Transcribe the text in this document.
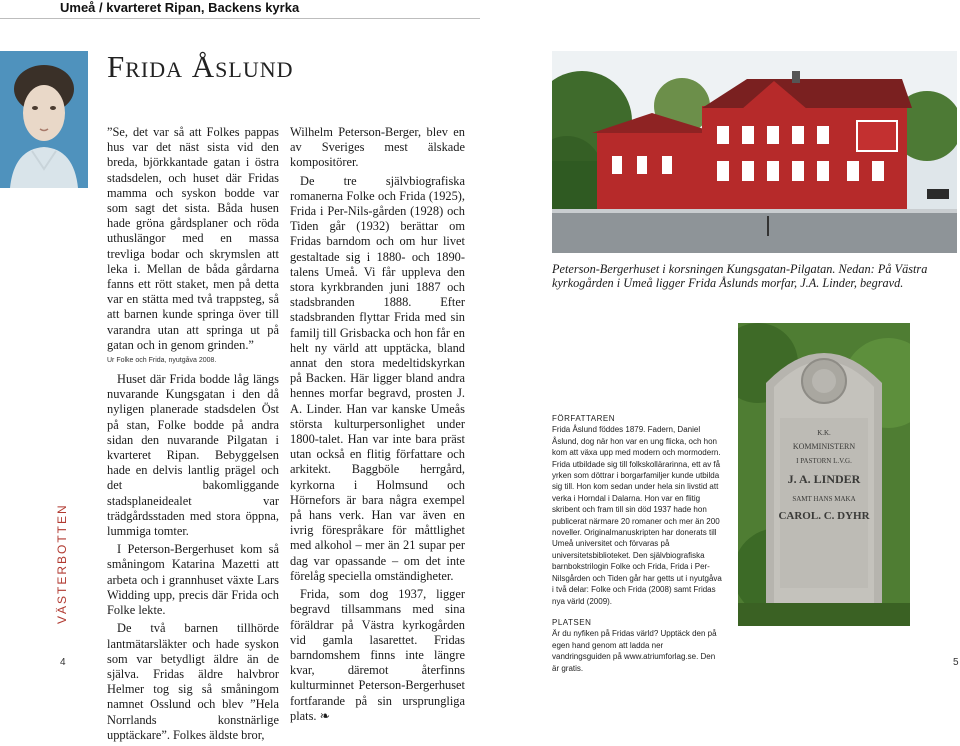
Umeå / kvarteret Ripan, Backens kyrka
Frida Åslund
VÄSTERBOTTEN

”Se, det var så att Folkes pappas hus var det näst sista vid den breda, björkkantade gatan i östra stadsdelen, och huset där Fridas mamma och syskon bodde var som sagt det sista. Båda husen hade gröna gårdsplaner och röda uthuslängor med en massa trevliga bodar och skrymslen att leka i. Mellan de båda gårdarna fanns ett rött staket, men på detta var en stätta med två trappsteg, så att barnen kunde springa över till varandra utan att springa ut på gatan och in genom grinden.”

Ur Folke och Frida, nyutgåva 2008.

Huset där Frida bodde låg längs nuvarande Kungsgatan i den då nyligen planerade stadsdelen Öst på stan, Folke bodde på andra sidan den nuvarande Pilgatan i kvarteret Ripan. Bebyggelsen hade en delvis lantlig prägel och det bakomliggande stadsplaneidealet var trädgårdsstaden med stora öppna, lummiga tomter.

I Peterson-Bergerhuset kom så småningom Katarina Mazetti att arbeta och i grannhuset växte Lars Widding upp, precis där Frida och Folke lekte.

De två barnen tillhörde lantmätarsläkter och hade syskon som var betydligt äldre än de själva. Fridas äldre halvbror Helmer tog sig så småningom namnet Osslund och blev ”Hela Norrlands konstnärlige upptäckare”. Folkes äldste bror,

Wilhelm Peterson-Berger, blev en av Sveriges mest älskade kompositörer.

De tre självbiografiska romanerna Folke och Frida (1925), Frida i Per-Nils-gården (1928) och Tiden går (1932) berättar om Fridas barndom och om hur livet gestaltade sig i 1880- och 1890-talens Umeå. Vi får uppleva den stora kyrkbranden juni 1887 och stadsbranden 1888. Efter stadsbranden flyttar Frida med sin familj till Grisbacka och hon får en helt ny värld att upptäcka, bland annat den stora medeltidskyrkan på Backen. Här ligger bland andra hennes morfar begravd, prosten J. A. Linder. Han var kanske Umeås största kulturpersonlighet under 1800-talet. Han var inte bara präst utan också en flitig författare och arkitekt. Baggböle herrgård, kyrkorna i Holmsund och Hörnefors är bara några exempel på hans verk. Han var även en ivrig förespråkare för måttlighet med alkohol – mer än 21 supar per dag var opassande – om det inte förelåg speciella omständigheter.

Frida, som dog 1937, ligger begravd tillsammans med sina föräldrar på Västra kyrkogården vid gamla lasarettet. Fridas barndomshem finns inte längre kvar, däremot återfinns kulturminnet Peterson-Bergerhuset fortfarande på sin ursprungliga plats. ❧

Peterson-Bergerhuset i korsningen Kungsgatan-Pilgatan. Nedan: På Västra kyrkogården i Umeå ligger Frida Åslunds morfar, J.A. Linder, begravd.

FÖRFATTAREN

Frida Åslund föddes 1879. Fadern, Daniel Åslund, dog när hon var en ung flicka, och hon kom att växa upp med modern och mormodern. Frida utbildade sig till folkskollärarinna, ett av få yrken som döttrar i borgarfamiljer kunde utbilda sig till. Hon kom sedan under hela sin livstid att verka i Horndal i Dalarna. Hon var en flitig skribent och fram till sin död 1937 hade hon publicerat närmare 20 romaner och mer än 200 noveller. Originalmanuskripten har donerats till Umeå universitet och förvaras på universitetsbiblioteket. Den självbiografiska barnbokstrilogin Folke och Frida, Frida i Per-Nilsgården och Tiden går har getts ut i nyutgåva i två delar: Folke och Frida (2008) samt Fridas nya värld (2009).

PLATSEN

Är du nyfiken på Fridas värld? Upptäck den på egen hand genom att ladda ner vandringsguiden på www.atriumforlag.se. Den är gratis.

K.K.
KOMMINISTERN
I PASTORN L.V.G.
J. A. LINDER
SAMT HANS MAKA
CAROL. C. DYHR
4	5
